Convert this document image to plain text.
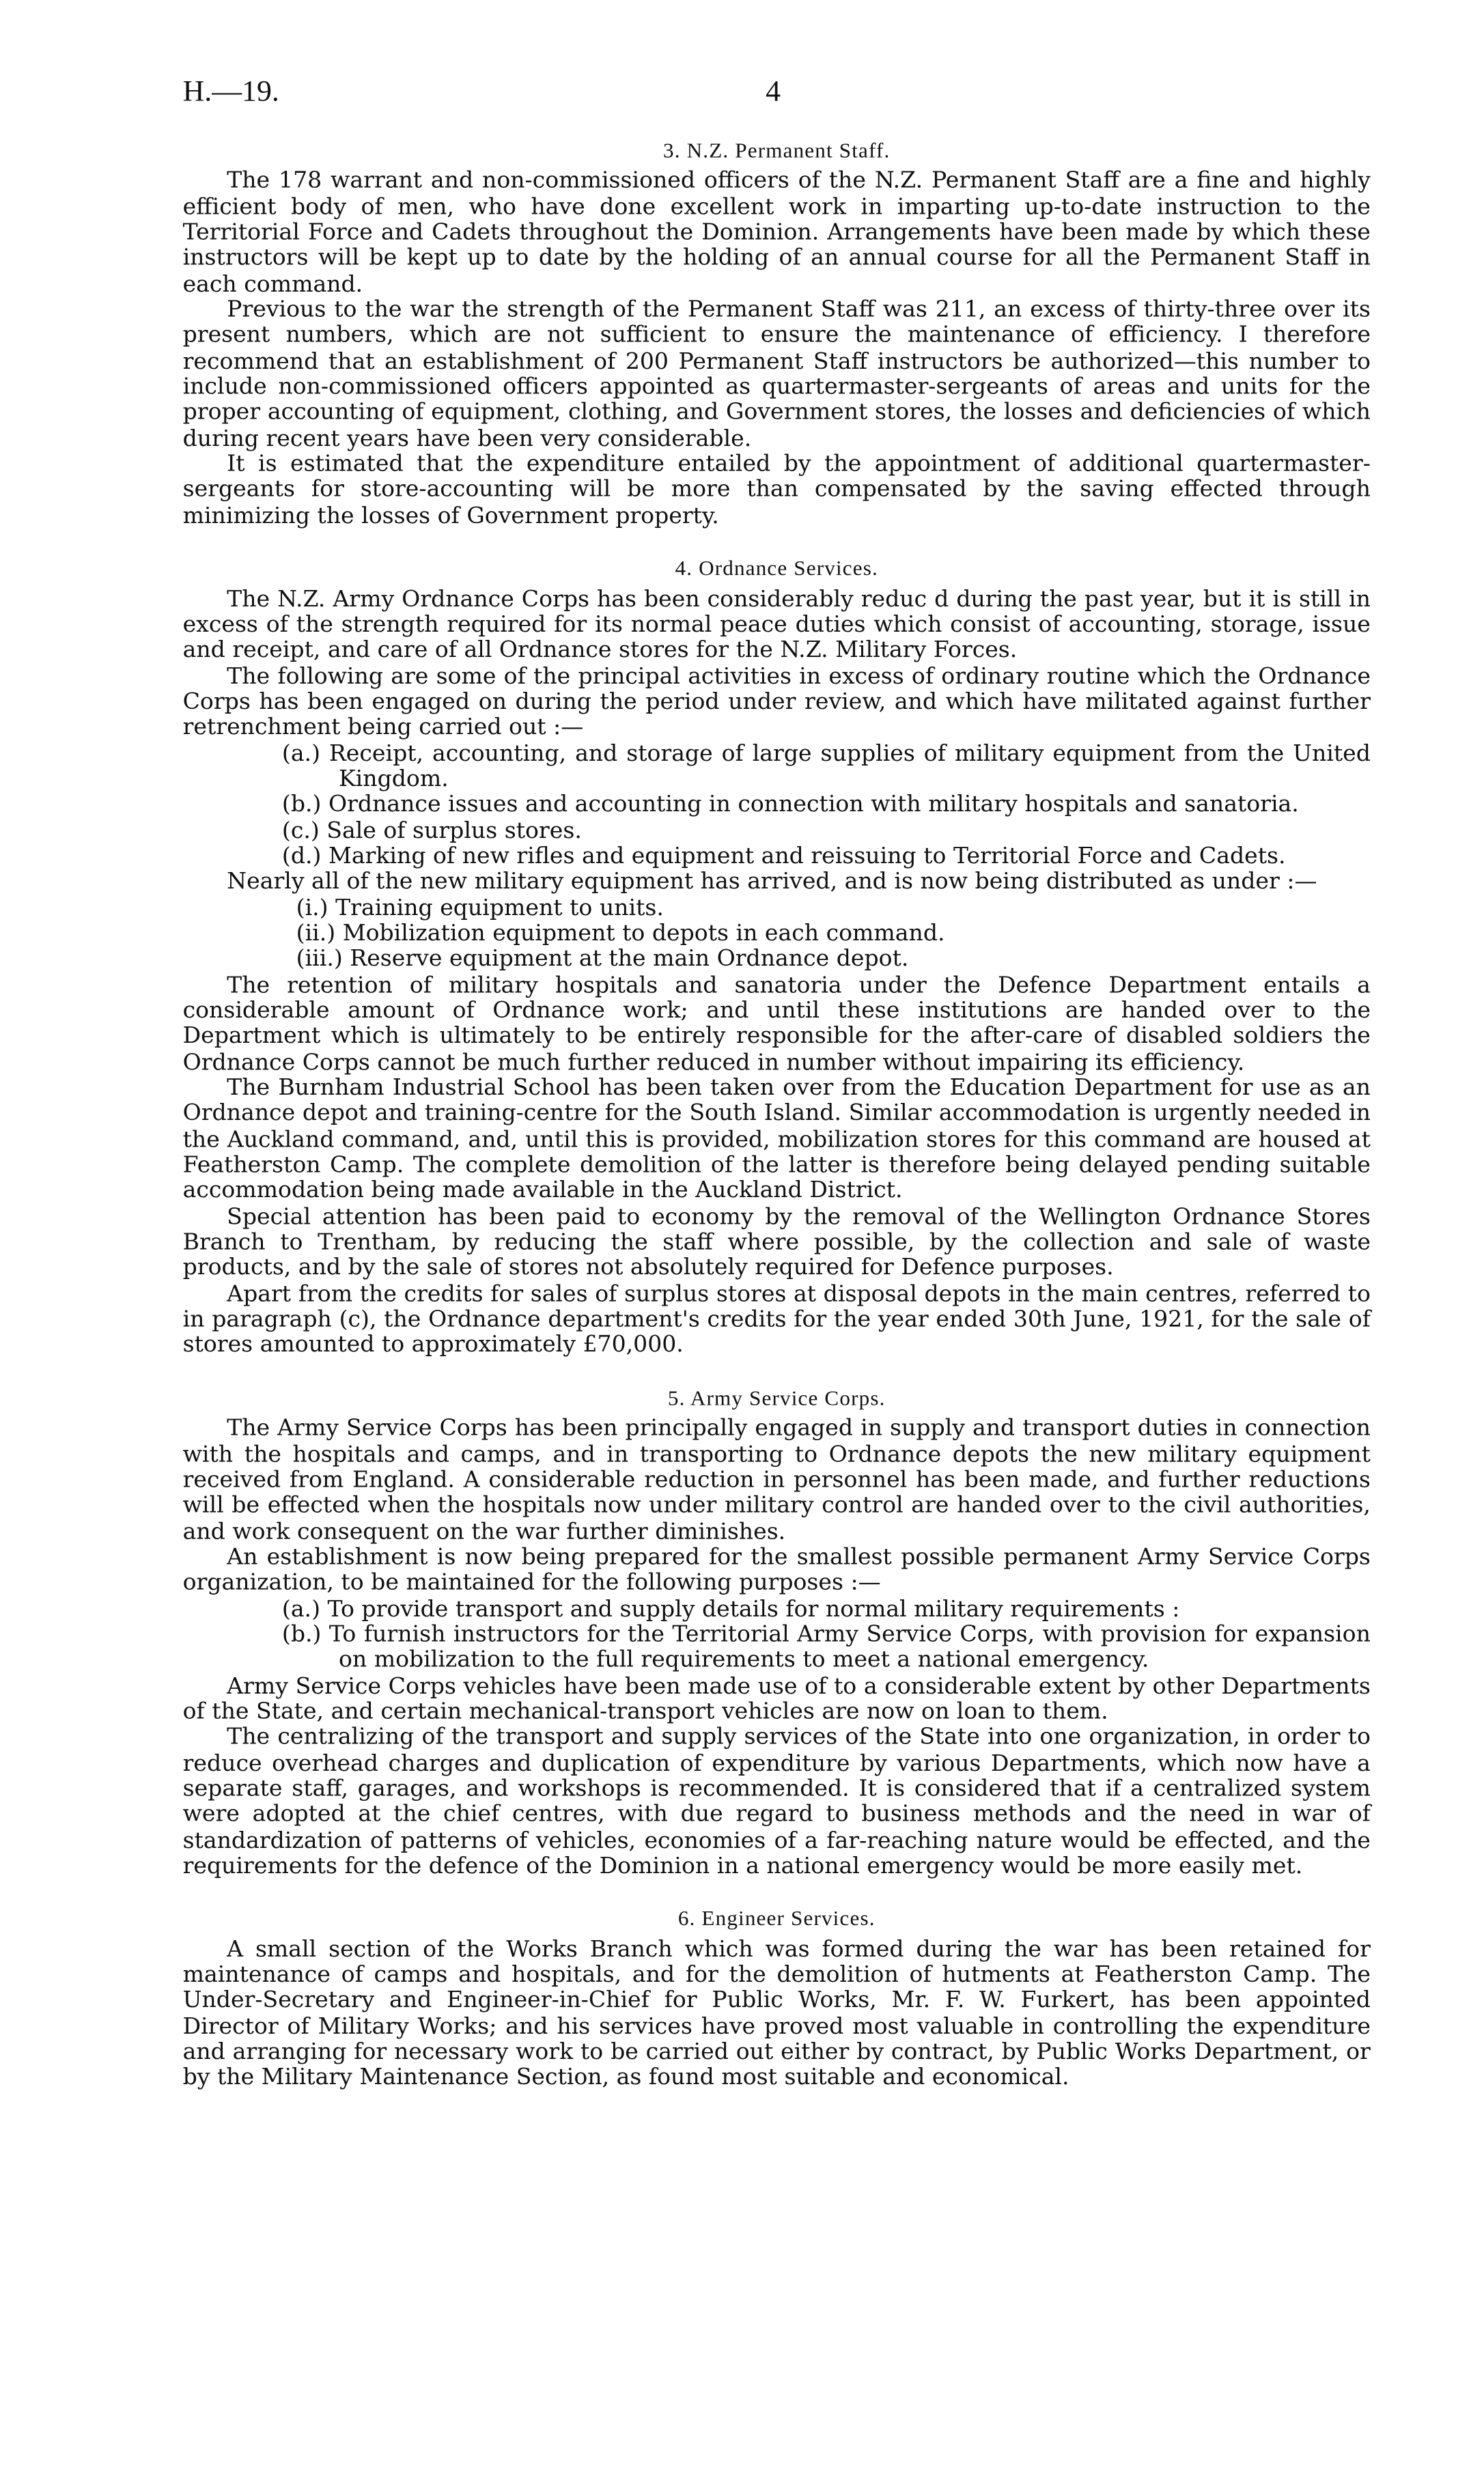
H.—19.	4
3. N.Z. Permanent Staff.

The 178 warrant and non-commissioned officers of the N.Z. Permanent Staff are a fine and highly efficient body of men, who have done excellent work in imparting up-to-date instruction to the Territorial Force and Cadets throughout the Dominion. Arrangements have been made by which these instructors will be kept up to date by the holding of an annual course for all the Permanent Staff in each command.

Previous to the war the strength of the Permanent Staff was 211, an excess of thirty-three over its present numbers, which are not sufficient to ensure the maintenance of efficiency. I therefore recommend that an establishment of 200 Permanent Staff instructors be authorized—this number to include non-commissioned officers appointed as quartermaster-sergeants of areas and units for the proper accounting of equipment, clothing, and Government stores, the losses and deficiencies of which during recent years have been very considerable.

It is estimated that the expenditure entailed by the appointment of additional quartermaster-sergeants for store-accounting will be more than compensated by the saving effected through minimizing the losses of Government property.

4. Ordnance Services.

The N.Z. Army Ordnance Corps has been considerably reduc d during the past year, but it is still in excess of the strength required for its normal peace duties which consist of accounting, storage, issue and receipt, and care of all Ordnance stores for the N.Z. Military Forces.

The following are some of the principal activities in excess of ordinary routine which the Ordnance Corps has been engaged on during the period under review, and which have militated against further retrenchment being carried out :—

(a.) Receipt, accounting, and storage of large supplies of military equipment from the United Kingdom.
(b.) Ordnance issues and accounting in connection with military hospitals and sanatoria.
(c.) Sale of surplus stores.
(d.) Marking of new rifles and equipment and reissuing to Territorial Force and Cadets.

Nearly all of the new military equipment has arrived, and is now being distributed as under :—

(i.) Training equipment to units.
(ii.) Mobilization equipment to depots in each command.
(iii.) Reserve equipment at the main Ordnance depot.

The retention of military hospitals and sanatoria under the Defence Department entails a considerable amount of Ordnance work; and until these institutions are handed over to the Department which is ultimately to be entirely responsible for the after-care of disabled soldiers the Ordnance Corps cannot be much further reduced in number without impairing its efficiency.

The Burnham Industrial School has been taken over from the Education Department for use as an Ordnance depot and training-centre for the South Island. Similar accommodation is urgently needed in the Auckland command, and, until this is provided, mobilization stores for this command are housed at Featherston Camp. The complete demolition of the latter is therefore being delayed pending suitable accommodation being made available in the Auckland District.

Special attention has been paid to economy by the removal of the Wellington Ordnance Stores Branch to Trentham, by reducing the staff where possible, by the collection and sale of waste products, and by the sale of stores not absolutely required for Defence purposes.

Apart from the credits for sales of surplus stores at disposal depots in the main centres, referred to in paragraph (c), the Ordnance department's credits for the year ended 30th June, 1921, for the sale of stores amounted to approximately £70,000.

5. Army Service Corps.

The Army Service Corps has been principally engaged in supply and transport duties in connection with the hospitals and camps, and in transporting to Ordnance depots the new military equipment received from England. A considerable reduction in personnel has been made, and further reductions will be effected when the hospitals now under military control are handed over to the civil authorities, and work consequent on the war further diminishes.

An establishment is now being prepared for the smallest possible permanent Army Service Corps organization, to be maintained for the following purposes :—

(a.) To provide transport and supply details for normal military requirements :
(b.) To furnish instructors for the Territorial Army Service Corps, with provision for expansion on mobilization to the full requirements to meet a national emergency.

Army Service Corps vehicles have been made use of to a considerable extent by other Departments of the State, and certain mechanical-transport vehicles are now on loan to them.

The centralizing of the transport and supply services of the State into one organization, in order to reduce overhead charges and duplication of expenditure by various Departments, which now have a separate staff, garages, and workshops is recommended. It is considered that if a centralized system were adopted at the chief centres, with due regard to business methods and the need in war of standardization of patterns of vehicles, economies of a far-reaching nature would be effected, and the requirements for the defence of the Dominion in a national emergency would be more easily met.

6. Engineer Services.

A small section of the Works Branch which was formed during the war has been retained for maintenance of camps and hospitals, and for the demolition of hutments at Featherston Camp. The Under-Secretary and Engineer-in-Chief for Public Works, Mr. F. W. Furkert, has been appointed Director of Military Works; and his services have proved most valuable in controlling the expenditure and arranging for necessary work to be carried out either by contract, by Public Works Department, or by the Military Maintenance Section, as found most suitable and economical.
